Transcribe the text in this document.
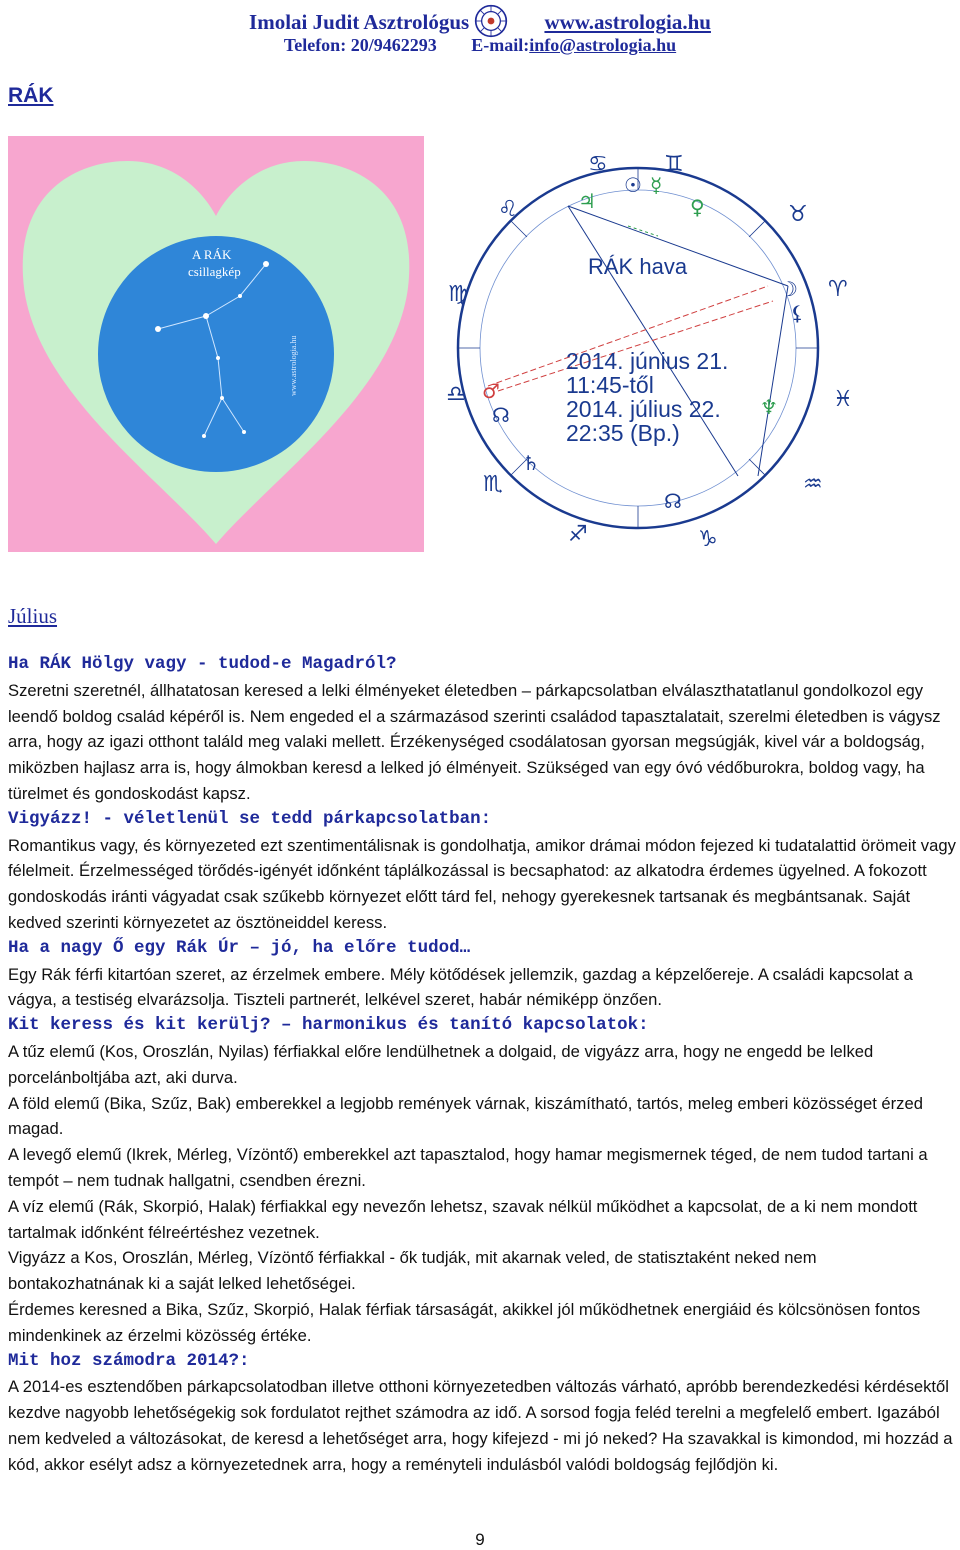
Imolai Judit Asztrológus	www.astrologia.hu
Telefon: 20/9462293 E-mail:info@astrologia.hu
RÁK
A RÁK
csillagkép
www.astrologia.hu
♋	♊
♌	♉
♍	♈
♎	♓
♏	♒
♐	♑
☉ ☿
♃	♀
☽
⚸
♂
☊	♆
♄
☊
RÁK hava
2014. június 21.
11:45-től
2014. július 22.
22:35 (Bp.)
Július

Ha RÁK Hölgy vagy - tudod-e Magadról?

Szeretni szeretnél, állhatatosan keresed a lelki élményeket életedben – párkapcsolatban elválaszthatatlanul gondolkozol egy leendő boldog család képéről is. Nem engeded el a származásod szerinti családod tapasztalatait, szerelmi életedben is vágysz arra, hogy az igazi otthont találd meg valaki mellett. Érzékenységed csodálatosan gyorsan megsúgják, kivel vár a boldogság, miközben hajlasz arra is, hogy álmokban keresd a lelked jó élményeit. Szükséged van egy óvó védőburokra, boldog vagy, ha türelmet és gondoskodást kapsz.

Vigyázz! - véletlenül se tedd párkapcsolatban:

Romantikus vagy, és környezeted ezt szentimentálisnak is gondolhatja, amikor drámai módon fejezed ki tudatalattid örömeit vagy félelmeit. Érzelmességed törődés-igényét időnként táplálkozással is becsaphatod: az alkatodra érdemes ügyelned. A fokozott gondoskodás iránti vágyadat csak szűkebb környezet előtt tárd fel, nehogy gyerekesnek tartsanak és megbántsanak. Saját kedved szerinti környezetet az ösztöneiddel keress.

Ha a nagy Ő egy Rák Úr – jó, ha előre tudod…

Egy Rák férfi kitartóan szeret, az érzelmek embere. Mély kötődések jellemzik, gazdag a képzelőereje. A családi kapcsolat a vágya, a testiség elvarázsolja. Tiszteli partnerét, lelkével szeret, habár némiképp önzően.

Kit keress és kit kerülj? – harmonikus és tanító kapcsolatok:

A tűz elemű (Kos, Oroszlán, Nyilas) férfiakkal előre lendülhetnek a dolgaid, de vigyázz arra, hogy ne engedd be lelked porcelánboltjába azt, aki durva.

A föld elemű (Bika, Szűz, Bak) emberekkel a legjobb remények várnak, kiszámítható, tartós, meleg emberi közösséget érzed magad.

A levegő elemű (Ikrek, Mérleg, Vízöntő) emberekkel azt tapasztalod, hogy hamar megismernek téged, de nem tudod tartani a tempót – nem tudnak hallgatni, csendben érezni.

A víz elemű (Rák, Skorpió, Halak) férfiakkal egy nevezőn lehetsz, szavak nélkül működhet a kapcsolat, de a ki nem mondott tartalmak időnként félreértéshez vezetnek.

Vigyázz a Kos, Oroszlán, Mérleg, Vízöntő férfiakkal - ők tudják, mit akarnak veled, de statisztaként neked nem bontakozhatnának ki a saját lelked lehetőségei.

Érdemes keresned a Bika, Szűz, Skorpió, Halak férfiak társaságát, akikkel jól működhetnek energiáid és kölcsönösen fontos mindenkinek az érzelmi közösség értéke.

Mit hoz számodra 2014?:

A 2014-es esztendőben párkapcsolatodban illetve otthoni környezetedben változás várható, apróbb berendezkedési kérdésektől kezdve nagyobb lehetőségekig sok fordulatot rejthet számodra az idő. A sorsod fogja feléd terelni a megfelelő embert. Igazából nem kedveled a változásokat, de keresd a lehetőséget arra, hogy kifejezd - mi jó neked? Ha szavakkal is kimondod, mi hozzád a kód, akkor esélyt adsz a környezetednek arra, hogy a reményteli indulásból valódi boldogság fejlődjön ki.

9
